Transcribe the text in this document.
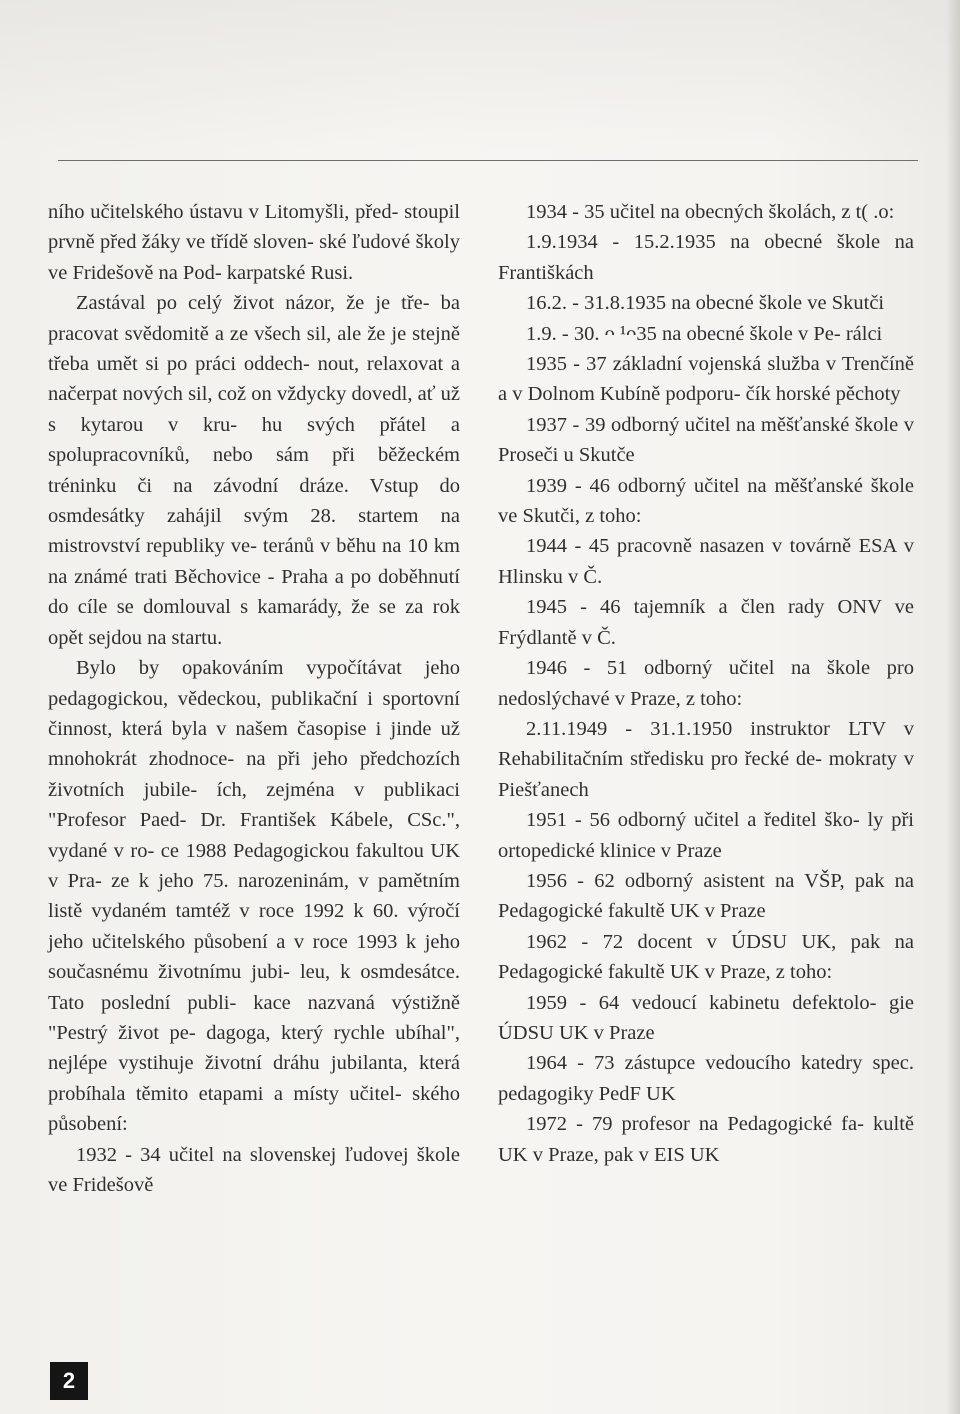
ního učitelského ústavu v Litomyšli, před- stoupil prvně před žáky ve třídě sloven- ské ľudové školy ve Fridešově na Pod- karpatské Rusi.

Zastával po celý život názor, že je tře- ba pracovat svědomitě a ze všech sil, ale že je stejně třeba umět si po práci oddech- nout, relaxovat a načerpat nových sil, což on vždycky dovedl, ať už s kytarou v kru- hu svých přátel a spolupracovníků, nebo sám při běžeckém tréninku či na závodní dráze. Vstup do osmdesátky zahájil svým 28. startem na mistrovství republiky ve- teránů v běhu na 10 km na známé trati Běchovice - Praha a po doběhnutí do cíle se domlouval s kamarády, že se za rok opět sejdou na startu.

Bylo by opakováním vypočítávat jeho pedagogickou, vědeckou, publikační i sportovní činnost, která byla v našem časopise i jinde už mnohokrát zhodnoce- na při jeho předchozích životních jubile- ích, zejména v publikaci "Profesor Paed- Dr. František Kábele, CSc.", vydané v ro- ce 1988 Pedagogickou fakultou UK v Pra- ze k jeho 75. narozeninám, v pamětním listě vydaném tamtéž v roce 1992 k 60. výročí jeho učitelského působení a v roce 1993 k jeho současnému životnímu jubi- leu, k osmdesátce. Tato poslední publi- kace nazvaná výstižně "Pestrý život pe- dagoga, který rychle ubíhal", nejlépe vystihuje životní dráhu jubilanta, která probíhala těmito etapami a místy učitel- ského působení:

1932 - 34 učitel na slovenskej ľudovej škole ve Fridešově

1934 - 35 učitel na obecných školách, z t( .o:

1.9.1934 - 15.2.1935 na obecné škole na Františkách

16.2. - 31.8.1935 na obecné škole ve Skutči

1.9. - 30. ᴖ ¹ᴖ35 na obecné škole v Pe- rálci

1935 - 37 základní vojenská služba v Trenčíně a v Dolnom Kubíně podporu- čík horské pěchoty

1937 - 39 odborný učitel na měšťanské škole v Proseči u Skutče

1939 - 46 odborný učitel na měšťanské škole ve Skutči, z toho:

1944 - 45 pracovně nasazen v továrně ESA v Hlinsku v Č.

1945 - 46 tajemník a člen rady ONV ve Frýdlantě v Č.

1946 - 51 odborný učitel na škole pro nedoslýchavé v Praze, z toho:

2.11.1949 - 31.1.1950 instruktor LTV v Rehabilitačním středisku pro řecké de- mokraty v Piešťanech

1951 - 56 odborný učitel a ředitel ško- ly při ortopedické klinice v Praze

1956 - 62 odborný asistent na VŠP, pak na Pedagogické fakultě UK v Praze

1962 - 72 docent v ÚDSU UK, pak na Pedagogické fakultě UK v Praze, z toho:

1959 - 64 vedoucí kabinetu defektolo- gie ÚDSU UK v Praze

1964 - 73 zástupce vedoucího katedry spec. pedagogiky PedF UK

1972 - 79 profesor na Pedagogické fa- kultě UK v Praze, pak v EIS UK

2
